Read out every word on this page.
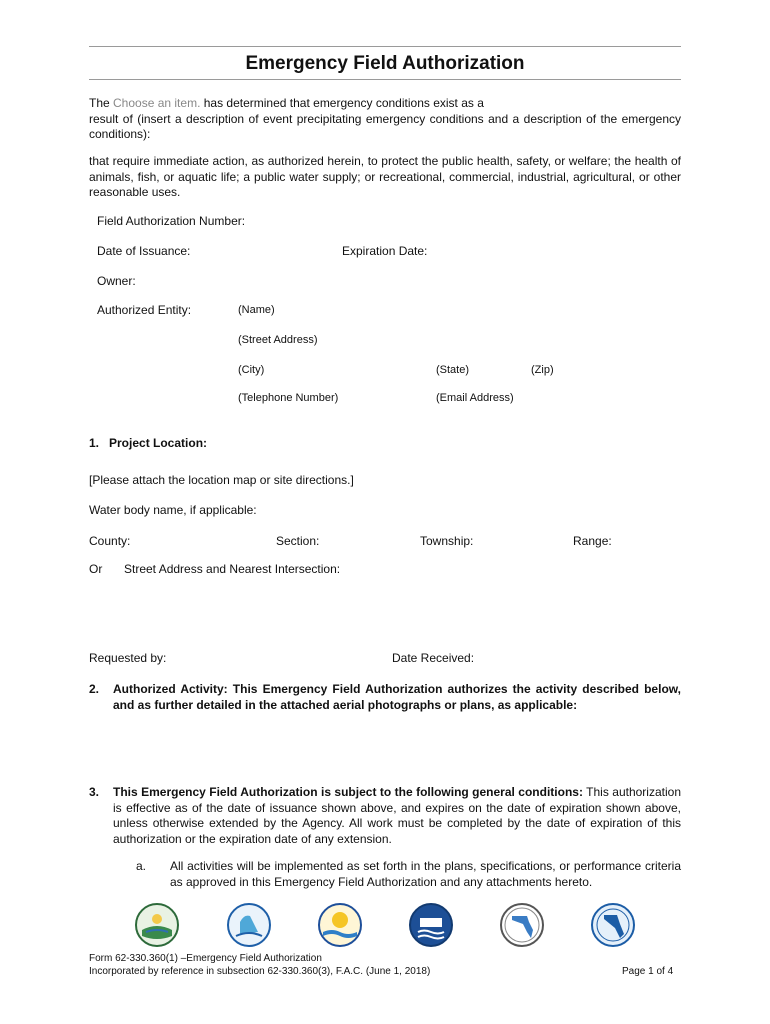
Emergency Field Authorization
The Choose an item. has determined that emergency conditions exist as a
result of (insert a description of event precipitating emergency conditions and a description of the emergency conditions):
that require immediate action, as authorized herein, to protect the public health, safety, or welfare; the health of animals, fish, or aquatic life; a public water supply; or recreational, commercial, industrial, agricultural, or other reasonable uses.
Field Authorization Number:
Date of Issuance:	Expiration Date:
Owner:
Authorized Entity:	(Name)
(Street Address)
(City)	(State)	(Zip)
(Telephone Number)	(Email Address)
1.   Project Location:
[Please attach the location map or site directions.]
Water body name, if applicable:
County:	Section:	Township:	Range:
Or Street Address and Nearest Intersection:
Requested by:	Date Received:
2. Authorized Activity: This Emergency Field Authorization authorizes the activity described below, and as further detailed in the attached aerial photographs or plans, as applicable:
3. This Emergency Field Authorization is subject to the following general conditions: This authorization is effective as of the date of issuance shown above, and expires on the date of expiration shown above, unless otherwise extended by the Agency. All work must be completed by the date of expiration of this authorization or the expiration date of any extension.
a. All activities will be implemented as set forth in the plans, specifications, or performance criteria as approved in this Emergency Field Authorization and any attachments hereto.
Form 62-330.360(1) –Emergency Field Authorization
Incorporated by reference in subsection 62-330.360(3), F.A.C. (June 1, 2018)	Page 1 of 4
